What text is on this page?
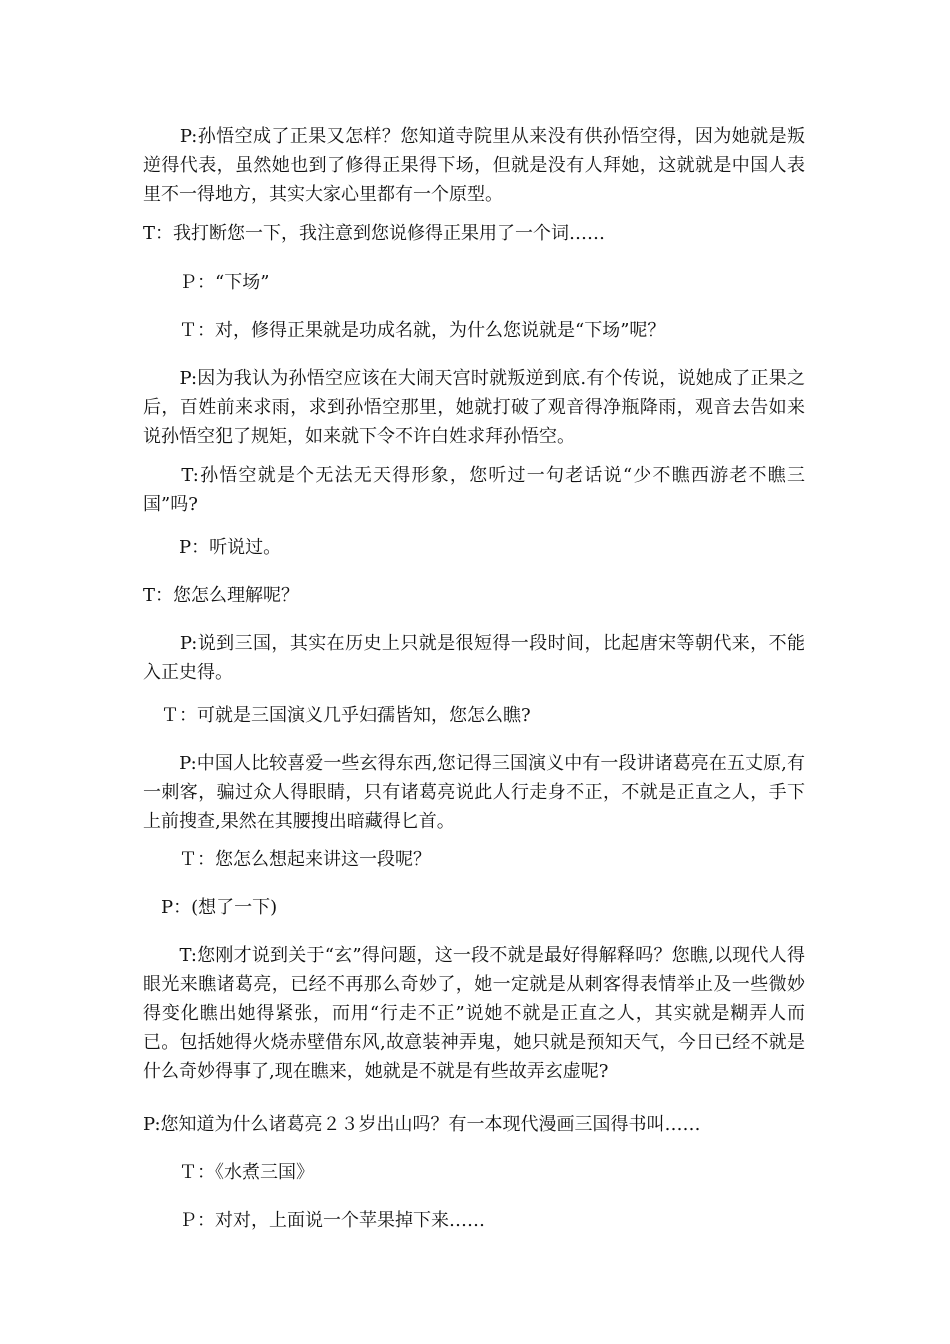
　　P:孙悟空成了正果又怎样？您知道寺院里从来没有供孙悟空得，因为她就是叛逆得代表，虽然她也到了修得正果得下场，但就是没有人拜她，这就就是中国人表里不一得地方，其实大家心里都有一个原型。

T：我打断您一下，我注意到您说修得正果用了一个词……

　　Ｐ：“下场”

　　Ｔ：对，修得正果就是功成名就，为什么您说就是“下场”呢？

　　P:因为我认为孙悟空应该在大闹天宫时就叛逆到底.有个传说，说她成了正果之后，百姓前来求雨，求到孙悟空那里，她就打破了观音得净瓶降雨，观音去告如来说孙悟空犯了规矩，如来就下令不许白姓求拜孙悟空。

　　T:孙悟空就是个无法无天得形象，您听过一句老话说“少不瞧西游老不瞧三国”吗?

　　P：听说过。

T：您怎么理解呢？

　　P:说到三国，其实在历史上只就是很短得一段时间，比起唐宋等朝代来，不能入正史得。

　Ｔ：可就是三国演义几乎妇孺皆知，您怎么瞧?

　　P:中国人比较喜爱一些玄得东西,您记得三国演义中有一段讲诸葛亮在五丈原,有一刺客，骗过众人得眼睛，只有诸葛亮说此人行走身不正，不就是正直之人，手下上前搜查,果然在其腰搜出暗藏得匕首。

　　Ｔ：您怎么想起来讲这一段呢？

　P：(想了一下)

　　T:您刚才说到关于“玄”得问题，这一段不就是最好得解释吗？您瞧,以现代人得眼光来瞧诸葛亮，已经不再那么奇妙了，她一定就是从刺客得表情举止及一些微妙得变化瞧出她得紧张，而用“行走不正”说她不就是正直之人，其实就是糊弄人而已。包括她得火烧赤壁借东风,故意装神弄鬼，她只就是预知天气，今日已经不就是什么奇妙得事了,现在瞧来，她就是不就是有些故弄玄虚呢?

P:您知道为什么诸葛亮２３岁出山吗？有一本现代漫画三国得书叫……

　　Ｔ：《水煮三国》

　　Ｐ：对对，上面说一个苹果掉下来……
